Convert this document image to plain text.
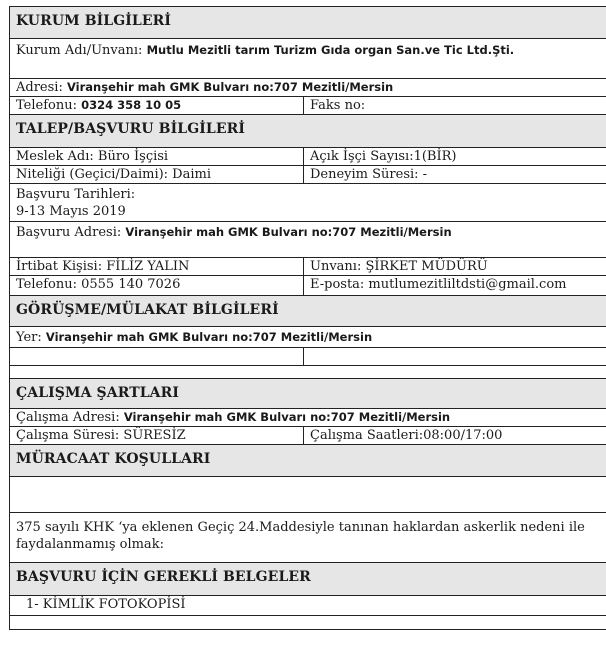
KURUM BİLGİLERİ
Kurum Adı/Unvanı: Mutlu Mezitli tarım Turizm Gıda organ San.ve Tic Ltd.Şti.
Adresi: Viranşehir mah GMK Bulvarı no:707 Mezitli/Mersin
Telefonu: 0324 358 10 05	Faks no:
TALEP/BAŞVURU BİLGİLERİ
Meslek Adı: Büro İşçisi	Açık İşçi Sayısı:1(BİR)
Niteliği (Geçici/Daimi): Daimi	Deneyim Süresi: -
Başvuru Tarihleri:
9-13 Mayıs 2019
Başvuru Adresi: Viranşehir mah GMK Bulvarı no:707 Mezitli/Mersin
İrtibat Kişisi: FİLİZ YALIN	Unvanı: ŞİRKET MÜDÜRÜ
Telefonu: 0555 140 7026	E-posta: mutlumezitliltdsti@gmail.com
GÖRÜŞME/MÜLAKAT BİLGİLERİ
Yer: Viranşehir mah GMK Bulvarı no:707 Mezitli/Mersin
ÇALIŞMA ŞARTLARI
Çalışma Adresi: Viranşehir mah GMK Bulvarı no:707 Mezitli/Mersin
Çalışma Süresi: SÜRESİZ	Çalışma Saatleri:08:00/17:00
MÜRACAAT KOŞULLARI
375 sayılı KHK ‘ya eklenen Geçiç 24.Maddesiyle tanınan haklardan askerlik nedeni ile faydalanmamış olmak:
BAŞVURU İÇİN GEREKLİ BELGELER
1- KİMLİK FOTOKOPİSİ
